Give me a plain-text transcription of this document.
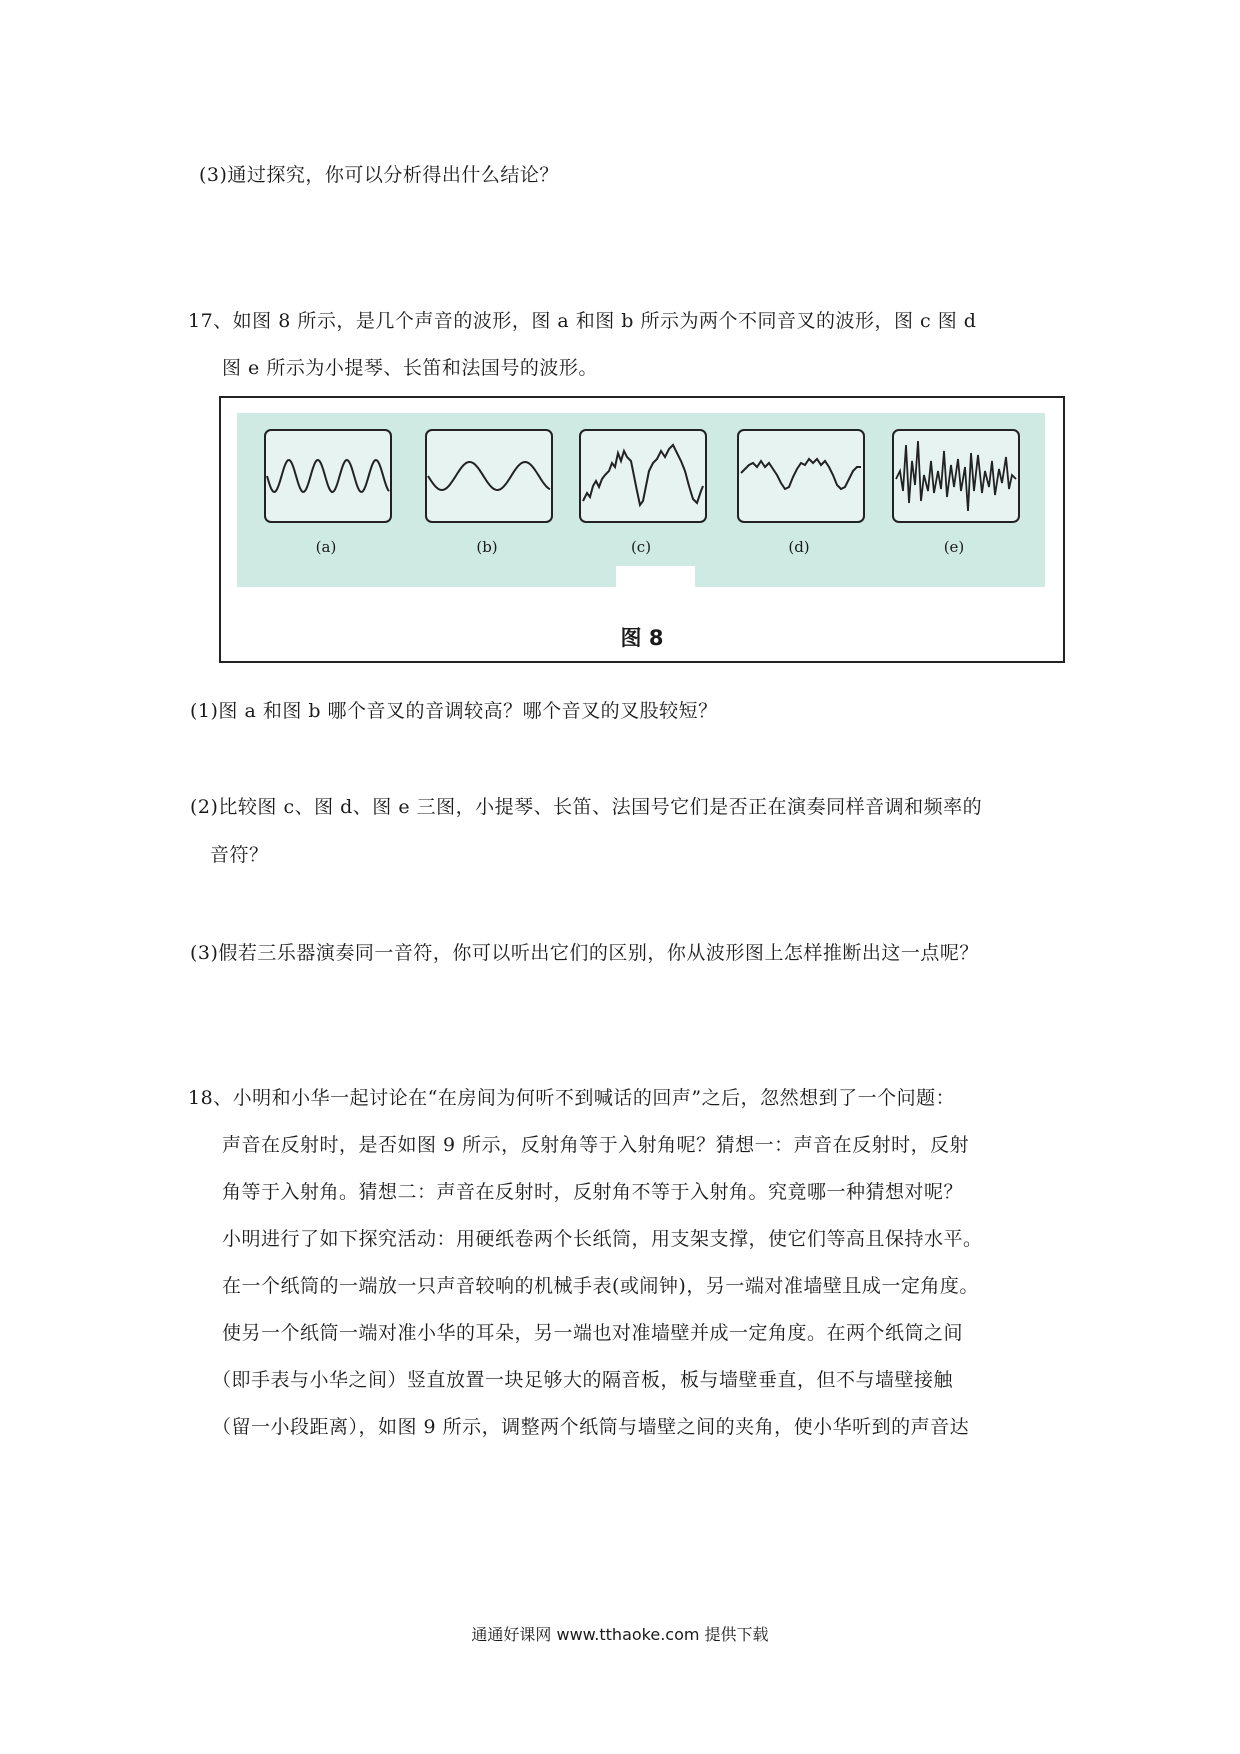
(3)通过探究，你可以分析得出什么结论？
17、如图 8 所示，是几个声音的波形，图 a 和图 b 所示为两个不同音叉的波形，图 c 图 d
图 e 所示为小提琴、长笛和法国号的波形。
(a)	(b)	(c)	(d)	(e)
图 8
(1)图 a 和图 b 哪个音叉的音调较高？哪个音叉的叉股较短？
(2)比较图 c、图 d、图 e 三图，小提琴、长笛、法国号它们是否正在演奏同样音调和频率的
音符？
(3)假若三乐器演奏同一音符，你可以听出它们的区别，你从波形图上怎样推断出这一点呢？
18、小明和小华一起讨论在“在房间为何听不到喊话的回声”之后，忽然想到了一个问题：
声音在反射时，是否如图 9 所示，反射角等于入射角呢？猜想一：声音在反射时，反射
角等于入射角。猜想二：声音在反射时，反射角不等于入射角。究竟哪一种猜想对呢？
小明进行了如下探究活动：用硬纸卷两个长纸筒，用支架支撑，使它们等高且保持水平。
在一个纸筒的一端放一只声音较响的机械手表(或闹钟)，另一端对准墙壁且成一定角度。
使另一个纸筒一端对准小华的耳朵，另一端也对准墙壁并成一定角度。在两个纸筒之间
（即手表与小华之间）竖直放置一块足够大的隔音板，板与墙壁垂直，但不与墙壁接触
（留一小段距离），如图 9 所示，调整两个纸筒与墙壁之间的夹角，使小华听到的声音达
通通好课网 www.tthaoke.com 提供下载
